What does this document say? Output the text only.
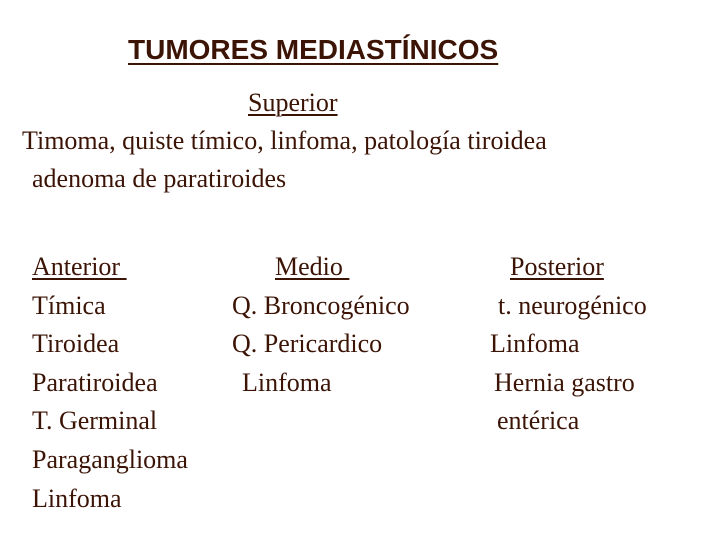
TUMORES MEDIASTÍNICOS
Superior
Timoma, quiste tímico, linfoma, patología tiroidea
adenoma de paratiroides
Anterior
Tímica
Tiroidea
Paratiroidea
T. Germinal
Paraganglioma
Linfoma
Medio
Q. Broncogénico
Q. Pericardico
Linfoma
Posterior
t. neurogénico
Linfoma
Hernia gastro
entérica
